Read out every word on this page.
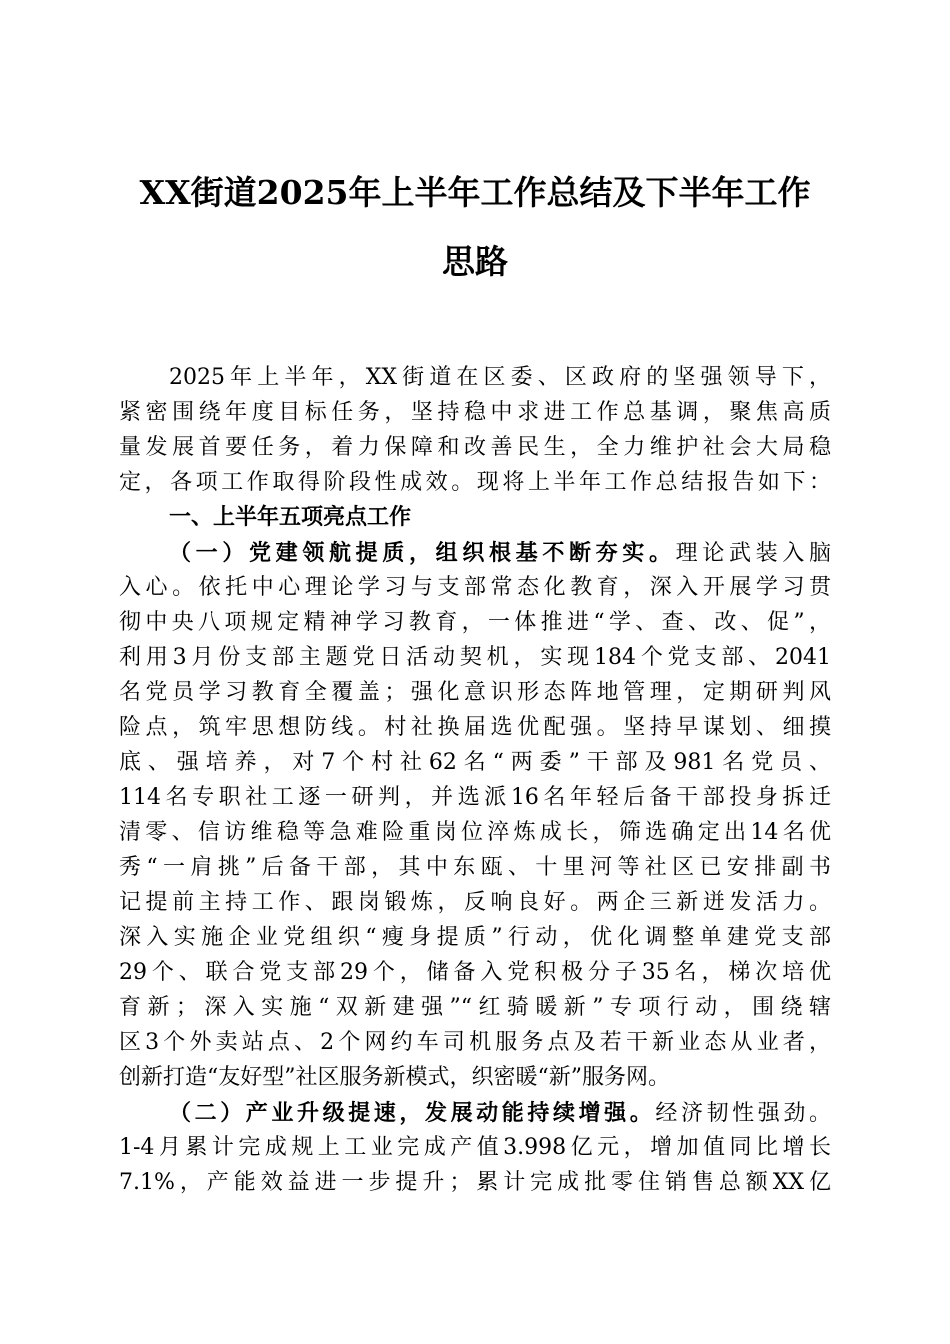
XX街道2025年上半年工作总结及下半年工作
思路
2025年上半年，XX街道在区委、区政府的坚强领导下，
紧密围绕年度目标任务，坚持稳中求进工作总基调，聚焦高质
量发展首要任务，着力保障和改善民生，全力维护社会大局稳
定，各项工作取得阶段性成效。现将上半年工作总结报告如下：
一、上半年五项亮点工作
（一）党建领航提质，组织根基不断夯实。理论武装入脑
入心。依托中心理论学习与支部常态化教育，深入开展学习贯
彻中央八项规定精神学习教育，一体推进“学、查、改、促”，
利用3月份支部主题党日活动契机，实现184个党支部、2041
名党员学习教育全覆盖；强化意识形态阵地管理，定期研判风
险点，筑牢思想防线。村社换届选优配强。坚持早谋划、细摸
底、强培养，对7个村社62名“两委”干部及981名党员、
114名专职社工逐一研判，并选派16名年轻后备干部投身拆迁
清零、信访维稳等急难险重岗位淬炼成长，筛选确定出14名优
秀“一肩挑”后备干部，其中东瓯、十里河等社区已安排副书
记提前主持工作、跟岗锻炼，反响良好。两企三新迸发活力。
深入实施企业党组织“瘦身提质”行动，优化调整单建党支部
29个、联合党支部29个，储备入党积极分子35名，梯次培优
育新；深入实施“双新建强”“红骑暖新”专项行动，围绕辖
区3个外卖站点、2个网约车司机服务点及若干新业态从业者，
创新打造“友好型”社区服务新模式，织密暖“新”服务网。
（二）产业升级提速，发展动能持续增强。经济韧性强劲。
1-4月累计完成规上工业完成产值3.998亿元，增加值同比增长
7.1%，产能效益进一步提升；累计完成批零住销售总额XX亿
